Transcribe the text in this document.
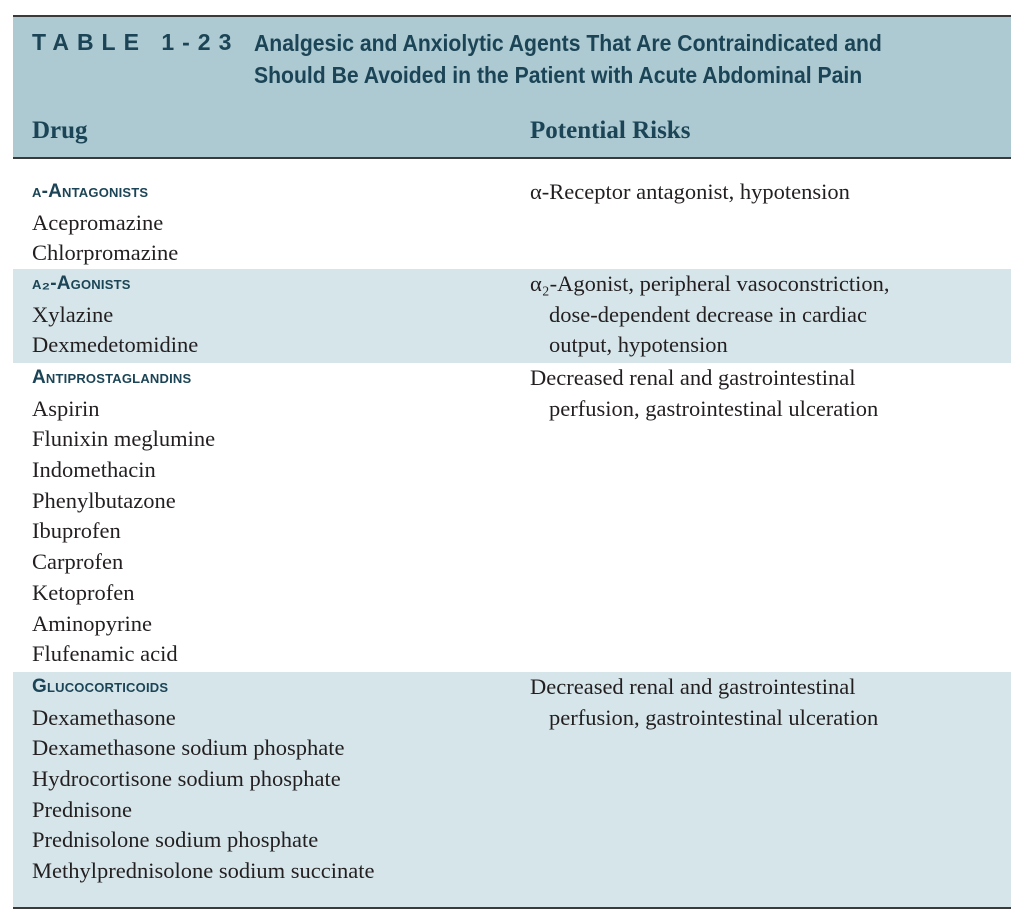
TABLE 1-23 Analgesic and Anxiolytic Agents That Are Contraindicated and
Should Be Avoided in the Patient with Acute Abdominal Pain
Drug	Potential Risks
α-Antagonists
Acepromazine
Chlorpromazine
α-Receptor antagonist, hypotension
α₂-Agonists
Xylazine
Dexmedetomidine
α₂-Agonist, peripheral vasoconstriction,
dose-dependent decrease in cardiac
output, hypotension
Antiprostaglandins
Aspirin
Flunixin meglumine
Indomethacin
Phenylbutazone
Ibuprofen
Carprofen
Ketoprofen
Aminopyrine
Flufenamic acid
Decreased renal and gastrointestinal
perfusion, gastrointestinal ulceration
Glucocorticoids
Dexamethasone
Dexamethasone sodium phosphate
Hydrocortisone sodium phosphate
Prednisone
Prednisolone sodium phosphate
Methylprednisolone sodium succinate
Decreased renal and gastrointestinal
perfusion, gastrointestinal ulceration
